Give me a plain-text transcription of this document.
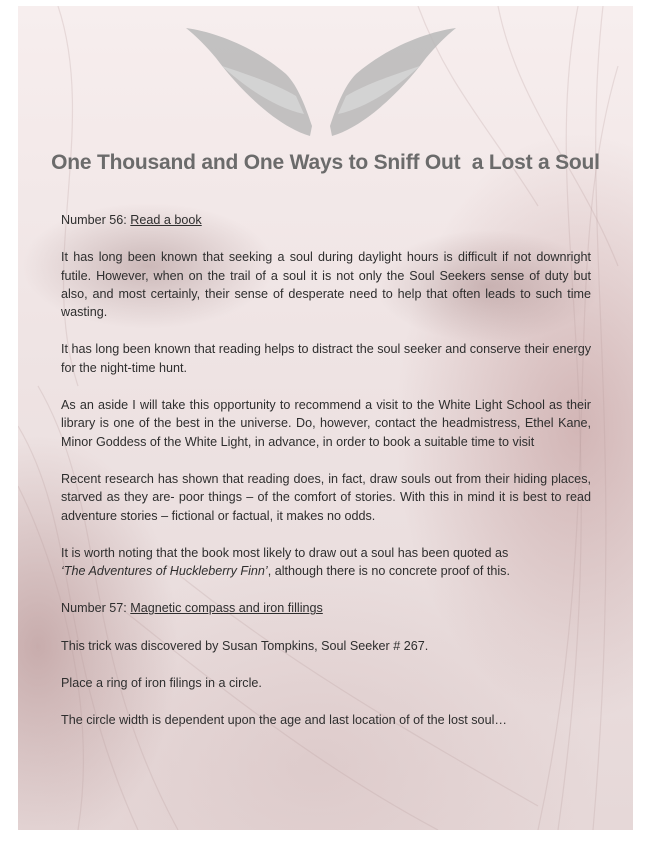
One Thousand and One Ways to Sniff Out  a Lost a Soul

Number 56: Read a book

It has long been known that seeking a soul during daylight hours is difficult if not downright futile. However, when on the trail of a soul it is not only the Soul Seekers sense of duty but also, and most certainly, their sense of desperate need to help that often leads to such time wasting.

It has long been known that reading helps to distract the soul seeker and conserve their energy for the night-time hunt.

As an aside I will take this opportunity to recommend a visit to the White Light School as their library is one of the best in the universe. Do, however, contact the headmistress, Ethel Kane, Minor Goddess of the White Light, in advance, in order to book a suitable time to visit

Recent research has shown that reading does, in fact, draw souls out from their hiding places, starved as they are- poor things – of the comfort of stories. With this in mind it is best to read adventure stories – fictional or factual, it makes no odds.

It is worth noting that the book most likely to draw out a soul has been quoted as
‘The Adventures of Huckleberry Finn’, although there is no concrete proof of this.

Number 57: Magnetic compass and iron fillings

This trick was discovered by Susan Tompkins, Soul Seeker # 267.

Place a ring of iron filings in a circle.

The circle width is dependent upon the age and last location of of the lost soul…
